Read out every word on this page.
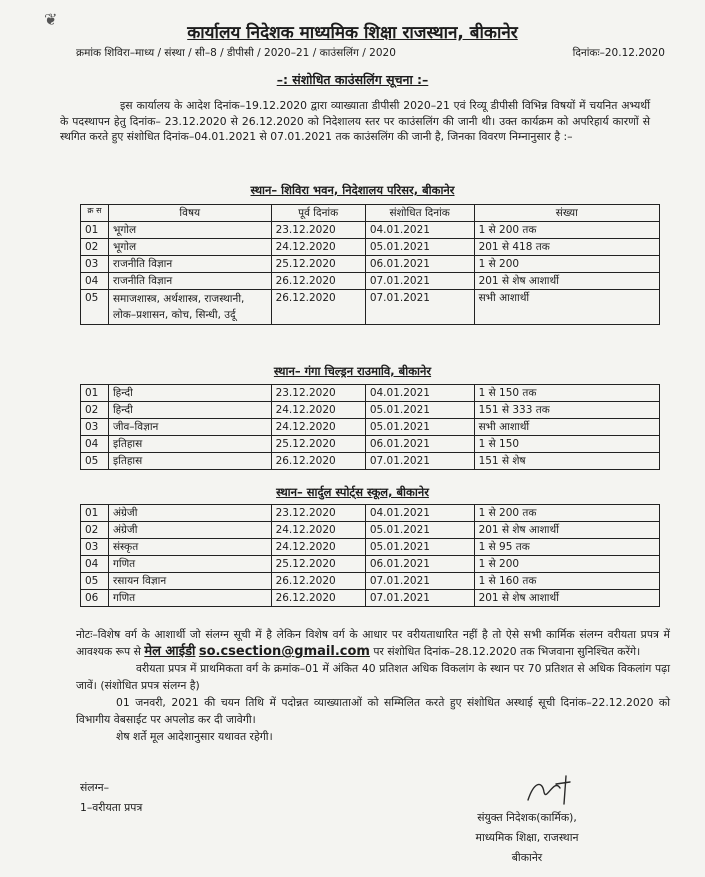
❦
कार्यालय निदेशक माध्यमिक शिक्षा राजस्थान, बीकानेर
क्रमांक शिविरा–माध्य / संस्था / सी–8 / डीपीसी / 2020–21 / काउंसलिंग / 2020	दिनांकः–20.12.2020
–: संशोधित काउंसलिंग सूचना :–
इस कार्यालय के आदेश दिनांक–19.12.2020 द्वारा व्याख्याता डीपीसी 2020–21 एवं रिव्यू डीपीसी विभिन्न विषयों में चयनित अभ्यर्थी के पदस्थापन हेतु दिनांक– 23.12.2020 से 26.12.2020 को निदेशालय स्तर पर काउंसलिंग की जानी थी। उक्त कार्यक्रम को अपरिहार्य कारणों से स्थगित करते हुए संशोधित दिनांक–04.01.2021 से 07.01.2021 तक काउंसलिंग की जानी है, जिनका विवरण निम्नानुसार है :–
स्थान– शिविरा भवन, निदेशालय परिसर, बीकानेर
क्र स	विषय	पूर्व दिनांक	संशोधित दिनांक	संख्या
01	भूगोल	23.12.2020	04.01.2021	1 से 200 तक
02	भूगोल	24.12.2020	05.01.2021	201 से 418 तक
03	राजनीति विज्ञान	25.12.2020	06.01.2021	1 से 200
04	राजनीति विज्ञान	26.12.2020	07.01.2021	201 से शेष आशार्थी
05	समाजशास्त्र, अर्थशास्त्र, राजस्थानी, लोक–प्रशासन, कोच, सिन्धी, उर्दू	26.12.2020	07.01.2021	सभी आशार्थी
स्थान– गंगा चिल्ड्रन राउमावि, बीकानेर
01	हिन्दी	23.12.2020	04.01.2021	1 से 150 तक
02	हिन्दी	24.12.2020	05.01.2021	151 से 333 तक
03	जीव–विज्ञान	24.12.2020	05.01.2021	सभी आशार्थी
04	इतिहास	25.12.2020	06.01.2021	1 से 150
05	इतिहास	26.12.2020	07.01.2021	151 से शेष
स्थान– सार्दुल स्पोर्ट्स स्कूल, बीकानेर
01	अंग्रेजी	23.12.2020	04.01.2021	1 से 200 तक
02	अंग्रेजी	24.12.2020	05.01.2021	201 से शेष आशार्थी
03	संस्कृत	24.12.2020	05.01.2021	1 से 95 तक
04	गणित	25.12.2020	06.01.2021	1 से 200
05	रसायन विज्ञान	26.12.2020	07.01.2021	1 से 160 तक
06	गणित	26.12.2020	07.01.2021	201 से शेष आशार्थी
नोटः–विशेष वर्ग के आशार्थी जो संलग्न सूची में है लेकिन विशेष वर्ग के आधार पर वरीयताधारित नहीं है तो ऐसे सभी कार्मिक संलग्न वरीयता प्रपत्र में आवश्यक रूप से मेल आईडी so.csection@gmail.com पर संशोधित दिनांक–28.12.2020 तक भिजवाना सुनिश्चित करेंगे।
वरीयता प्रपत्र में प्राथमिकता वर्ग के क्रमांक–01 में अंकित 40 प्रतिशत अधिक विकलांग के स्थान पर 70 प्रतिशत से अधिक विकलांग पढ़ा जावें। (संशोधित प्रपत्र संलग्न है)
01 जनवरी, 2021 की चयन तिथि में पदोन्नत व्याख्याताओं को सम्मिलित करते हुए संशोधित अस्थाई सूची दिनांक–22.12.2020 को विभागीय वेबसाईट पर अपलोड कर दी जावेगी।
शेष शर्ते मूल आदेशानुसार यथावत रहेगी।
संलग्न–
1–वरीयता प्रपत्र
संयुक्त निदेशक(कार्मिक),
माध्यमिक शिक्षा, राजस्थान
बीकानेर
